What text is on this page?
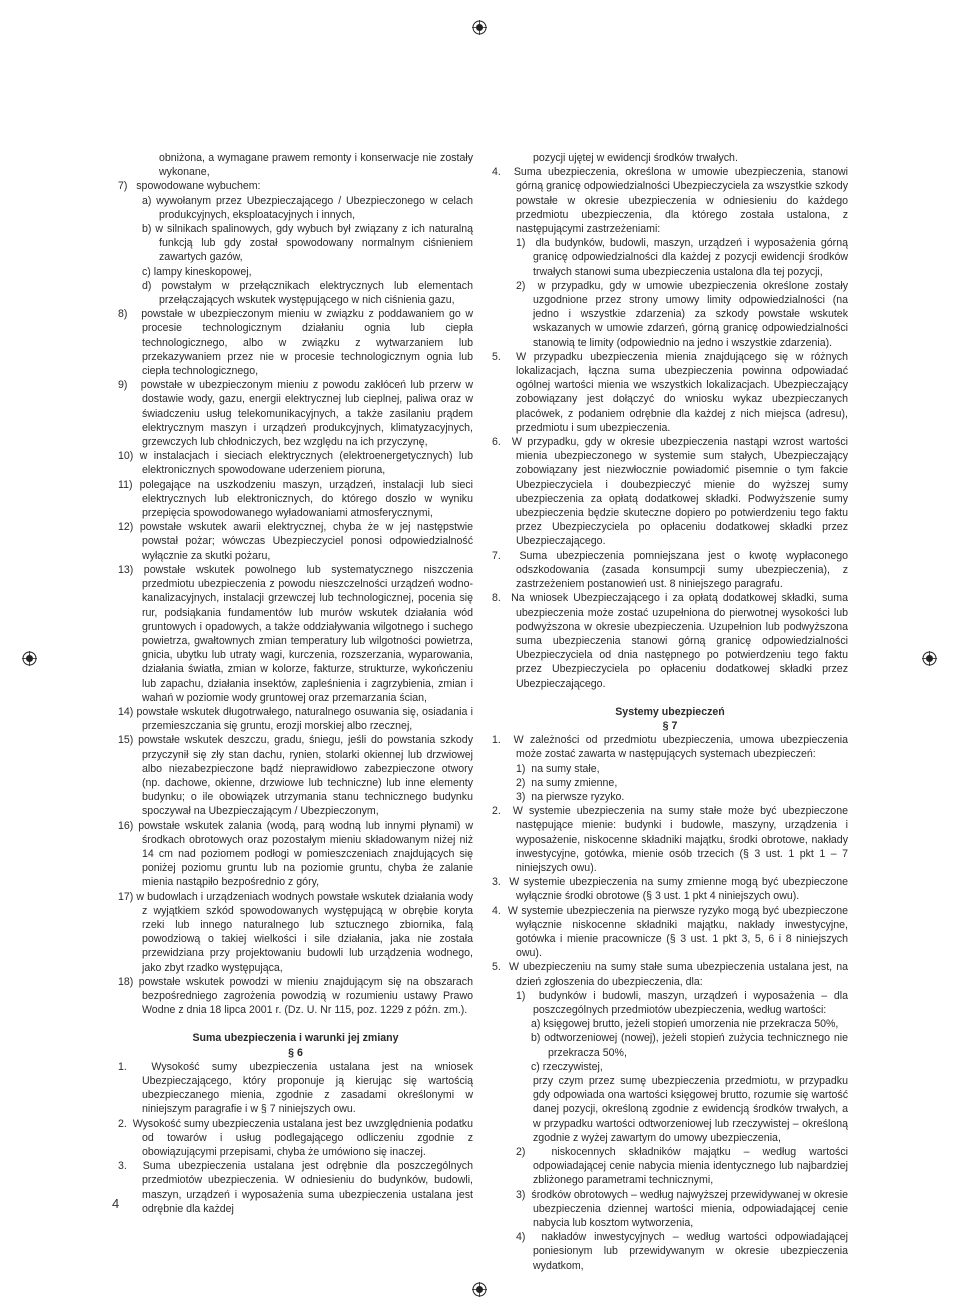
obniżona, a wymagane prawem remonty i konserwacje nie zostały wykonane,

7)   spowodowane wybuchem:

a) wywołanym przez Ubezpieczającego / Ubezpieczonego w celach produkcyjnych, eksploatacyjnych i innych,

b) w silnikach spalinowych, gdy wybuch był związany z ich naturalną funkcją lub gdy został spowodowany normalnym ciśnieniem zawartych gazów,

c) lampy kineskopowej,

d) powstałym w przełącznikach elektrycznych lub elementach przełączających wskutek występującego w nich ciśnienia gazu,

8)   powstałe w ubezpieczonym mieniu w związku z poddawaniem go w procesie technologicznym działaniu ognia lub ciepła technologicznego, albo w związku z wytwarzaniem lub przekazywaniem przez nie w procesie technologicznym ognia lub ciepła technologicznego,

9)   powstałe w ubezpieczonym mieniu z powodu zakłóceń lub przerw w dostawie wody, gazu, energii elektrycznej lub cieplnej, paliwa oraz w świadczeniu usług telekomunikacyjnych, a także zasilaniu prądem elektrycznym maszyn i urządzeń produkcyjnych, klimatyzacyjnych, grzewczych lub chłodniczych, bez względu na ich przyczynę,

10) w instalacjach i sieciach elektrycznych (elektroenergetycznych) lub elektronicznych spowodowane uderzeniem pioruna,

11) polegające na uszkodzeniu maszyn, urządzeń, instalacji lub sieci elektrycznych lub elektronicznych, do którego doszło w wyniku przepięcia spowodowanego wyładowaniami atmosferycznymi,

12) powstałe wskutek awarii elektrycznej, chyba że w jej następstwie powstał pożar; wówczas Ubezpieczyciel ponosi odpowiedzialność wyłącznie za skutki pożaru,

13) powstałe wskutek powolnego lub systematycznego niszczenia przedmiotu ubezpieczenia z powodu nieszczelności urządzeń wodno-kanalizacyjnych, instalacji grzewczej lub technologicznej, pocenia się rur, podsiąkania fundamentów lub murów wskutek działania wód gruntowych i opadowych, a także oddziaływania wilgotnego i suchego powietrza, gwałtownych zmian temperatury lub wilgotności powietrza, gnicia, ubytku lub utraty wagi, kurczenia, rozszerzania, wyparowania, działania światła, zmian w kolorze, fakturze, strukturze, wykończeniu lub zapachu, działania insektów, zapleśnienia i zagrzybienia, zmian i wahań w poziomie wody gruntowej oraz przemarzania ścian,

14) powstałe wskutek długotrwałego, naturalnego osuwania się, osiadania i przemieszczania się gruntu, erozji morskiej albo rzecznej,

15) powstałe wskutek deszczu, gradu, śniegu, jeśli do powstania szkody przyczynił się zły stan dachu, rynien, stolarki okiennej lub drzwiowej albo niezabezpieczone bądź nieprawidłowo zabezpieczone otwory (np. dachowe, okienne, drzwiowe lub techniczne) lub inne elementy budynku; o ile obowiązek utrzymania stanu technicznego budynku spoczywał na Ubezpieczającym / Ubezpieczonym,

16) powstałe wskutek zalania (wodą, parą wodną lub innymi płynami) w środkach obrotowych oraz pozostałym mieniu składowanym niżej niż 14 cm nad poziomem podłogi w pomieszczeniach znajdujących się poniżej poziomu gruntu lub na poziomie gruntu, chyba że zalanie mienia nastąpiło bezpośrednio z góry,

17) w budowlach i urządzeniach wodnych powstałe wskutek działania wody z wyjątkiem szkód spowodowanych występującą w obrębie koryta rzeki lub innego naturalnego lub sztucznego zbiornika, falą powodziową o takiej wielkości i sile działania, jaka nie została przewidziana przy projektowaniu budowli lub urządzenia wodnego, jako zbyt rzadko występująca,

18) powstałe wskutek powodzi w mieniu znajdującym się na obszarach bezpośredniego zagrożenia powodzią w rozumieniu ustawy Prawo Wodne z dnia 18 lipca 2001 r. (Dz. U. Nr 115, poz. 1229 z późn. zm.).

Suma ubezpieczenia i warunki jej zmiany

§ 6

1.  Wysokość sumy ubezpieczenia ustalana jest na wniosek Ubezpieczającego, który proponuje ją kierując się wartością ubezpieczanego mienia, zgodnie z zasadami określonymi w niniejszym paragrafie i w § 7 niniejszych owu.

2.  Wysokość sumy ubezpieczenia ustalana jest bez uwzględnienia podatku od towarów i usług podlegającego odliczeniu zgodnie z obowiązującymi przepisami, chyba że umówiono się inaczej.

3.  Suma ubezpieczenia ustalana jest odrębnie dla poszczególnych przedmiotów ubezpieczenia. W odniesieniu do budynków, budowli, maszyn, urządzeń i wyposażenia suma ubezpieczenia ustalana jest odrębnie dla każdej

pozycji ujętej w ewidencji środków trwałych.

4.  Suma ubezpieczenia, określona w umowie ubezpieczenia, stanowi górną granicę odpowiedzialności Ubezpieczyciela za wszystkie szkody powstałe w okresie ubezpieczenia w odniesieniu do każdego przedmiotu ubezpieczenia, dla którego została ustalona, z następującymi zastrzeżeniami:

1)  dla budynków, budowli, maszyn, urządzeń i wyposażenia górną granicę odpowiedzialności dla każdej z pozycji ewidencji środków trwałych stanowi suma ubezpieczenia ustalona dla tej pozycji,

2)  w przypadku, gdy w umowie ubezpieczenia określone zostały uzgodnione przez strony umowy limity odpowiedzialności (na jedno i wszystkie zdarzenia) za szkody powstałe wskutek wskazanych w umowie zdarzeń, górną granicę odpowiedzialności stanowią te limity (odpowiednio na jedno i wszystkie zdarzenia).

5.  W przypadku ubezpieczenia mienia znajdującego się w różnych lokalizacjach, łączna suma ubezpieczenia powinna odpowiadać ogólnej wartości mienia we wszystkich lokalizacjach. Ubezpieczający zobowiązany jest dołączyć do wniosku wykaz ubezpieczanych placówek, z podaniem odrębnie dla każdej z nich miejsca (adresu), przedmiotu i sum ubezpieczenia.

6.  W przypadku, gdy w okresie ubezpieczenia nastąpi wzrost wartości mienia ubezpieczonego w systemie sum stałych, Ubezpieczający zobowiązany jest niezwłocznie powiadomić pisemnie o tym fakcie Ubezpieczyciela i doubezpieczyć mienie do wyższej sumy ubezpieczenia za opłatą dodatkowej składki. Podwyższenie sumy ubezpieczenia będzie skuteczne dopiero po potwierdzeniu tego faktu przez Ubezpieczyciela po opłaceniu dodatkowej składki przez Ubezpieczającego.

7.  Suma ubezpieczenia pomniejszana jest o kwotę wypłaconego odszkodowania (zasada konsumpcji sumy ubezpieczenia), z zastrzeżeniem postanowień ust. 8 niniejszego paragrafu.

8.  Na wniosek Ubezpieczającego i za opłatą dodatkowej składki, suma ubezpieczenia może zostać uzupełniona do pierwotnej wysokości lub podwyższona w okresie ubezpieczenia. Uzupełnion lub podwyższona suma ubezpieczenia stanowi górną granicę odpowiedzialności Ubezpieczyciela od dnia następnego po potwierdzeniu tego faktu przez Ubezpieczyciela po opłaceniu dodatkowej składki przez Ubezpieczającego.

Systemy ubezpieczeń

§ 7

1.  W zależności od przedmiotu ubezpieczenia, umowa ubezpieczenia może zostać zawarta w następujących systemach ubezpieczeń:

1)  na sumy stałe,

2)  na sumy zmienne,

3)  na pierwsze ryzyko.

2.  W systemie ubezpieczenia na sumy stałe może być ubezpieczone następujące mienie: budynki i budowle, maszyny, urządzenia i wyposażenie, niskocenne składniki majątku, środki obrotowe, nakłady inwestycyjne, gotówka, mienie osób trzecich (§ 3 ust. 1 pkt 1 – 7 niniejszych owu).

3.  W systemie ubezpieczenia na sumy zmienne mogą być ubezpieczone wyłącznie środki obrotowe (§ 3 ust. 1 pkt 4 niniejszych owu).

4.  W systemie ubezpieczenia na pierwsze ryzyko mogą być ubezpieczone wyłącznie niskocenne składniki majątku, nakłady inwestycyjne, gotówka i mienie pracownicze (§ 3 ust. 1 pkt 3, 5, 6 i 8 niniejszych owu).

5.  W ubezpieczeniu na sumy stałe suma ubezpieczenia ustalana jest, na dzień zgłoszenia do ubezpieczenia, dla:

1)  budynków i budowli, maszyn, urządzeń i wyposażenia – dla poszczególnych przedmiotów ubezpieczenia, według wartości:

a) księgowej brutto, jeżeli stopień umorzenia nie przekracza 50%,

b) odtworzeniowej (nowej), jeżeli stopień zużycia technicznego nie przekracza 50%,

c) rzeczywistej,

przy czym przez sumę ubezpieczenia przedmiotu, w przypadku gdy odpowiada ona wartości księgowej brutto, rozumie się wartość danej pozycji, określoną zgodnie z ewidencją środków trwałych, a w przypadku wartości odtworzeniowej lub rzeczywistej – określoną zgodnie z wyżej zawartym do umowy ubezpieczenia,

2)  niskocennych składników majątku – według wartości odpowiadającej cenie nabycia mienia identycznego lub najbardziej zbliżonego parametrami technicznymi,

3)  środków obrotowych – według najwyższej przewidywanej w okresie ubezpieczenia dziennej wartości mienia, odpowiadającej cenie nabycia lub kosztom wytworzenia,

4)  nakładów inwestycyjnych – według wartości odpowiadającej poniesionym lub przewidywanym w okresie ubezpieczenia wydatkom,

4
